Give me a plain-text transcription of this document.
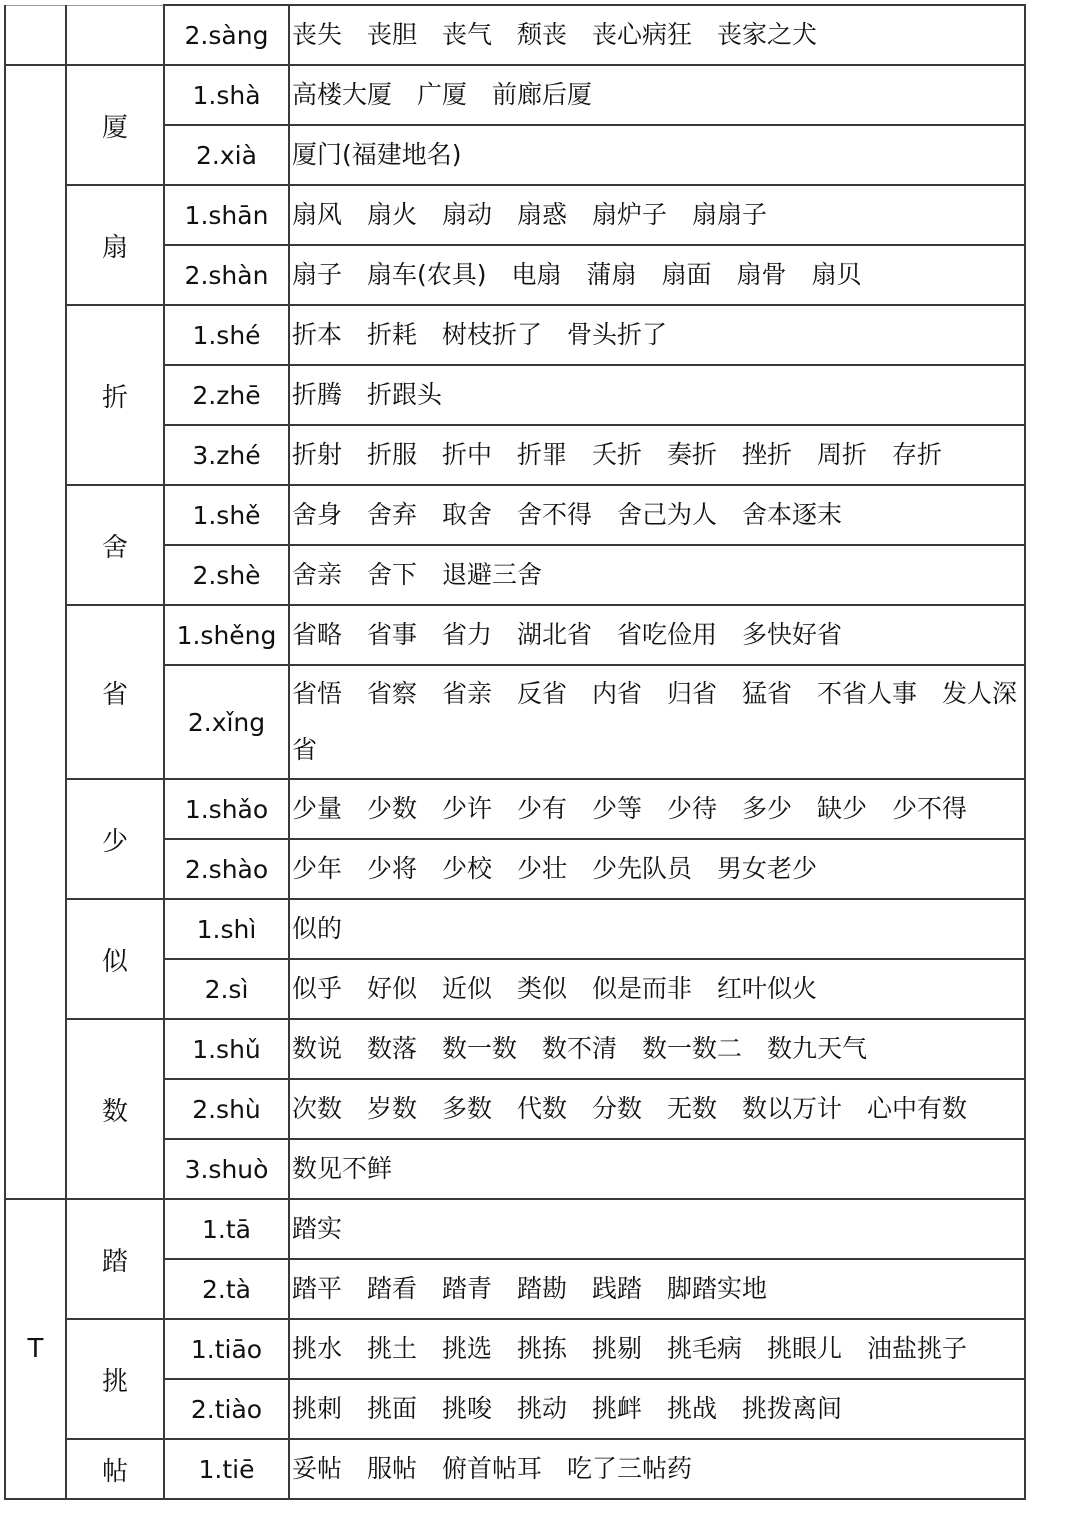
		2.sàng	丧失　丧胆　丧气　颓丧　丧心病狂　丧家之犬
	厦	1.shà	高楼大厦　广厦　前廊后厦
		2.xià	厦门(福建地名)
	扇	1.shān	扇风　扇火　扇动　扇惑　扇炉子　扇扇子
		2.shàn	扇子　扇车(农具)　电扇　蒲扇　扇面　扇骨　扇贝
	折	1.shé	折本　折耗　树枝折了　骨头折了
		2.zhē	折腾　折跟头
		3.zhé	折射　折服　折中　折罪　夭折　奏折　挫折　周折　存折
	舍	1.shě	舍身　舍弃　取舍　舍不得　舍己为人　舍本逐末
		2.shè	舍亲　舍下　退避三舍
	省	1.shěng	省略　省事　省力　湖北省　省吃俭用　多快好省
		2.xǐng	省悟　省察　省亲　反省　内省　归省　猛省　不省人事　发人深省
	少	1.shǎo	少量　少数　少许　少有　少等　少待　多少　缺少　少不得
		2.shào	少年　少将　少校　少壮　少先队员　男女老少
	似	1.shì	似的
		2.sì	似乎　好似　近似　类似　似是而非　红叶似火
	数	1.shǔ	数说　数落　数一数　数不清　数一数二　数九天气
		2.shù	次数　岁数　多数　代数　分数　无数　数以万计　心中有数
		3.shuò	数见不鲜
T	踏	1.tā	踏实
		2.tà	踏平　踏看　踏青　踏勘　践踏　脚踏实地
	挑	1.tiāo	挑水　挑土　挑选　挑拣　挑剔　挑毛病　挑眼儿　油盐挑子
		2.tiào	挑刺　挑面　挑唆　挑动　挑衅　挑战　挑拨离间
	帖	1.tiē	妥帖　服帖　俯首帖耳　吃了三帖药
